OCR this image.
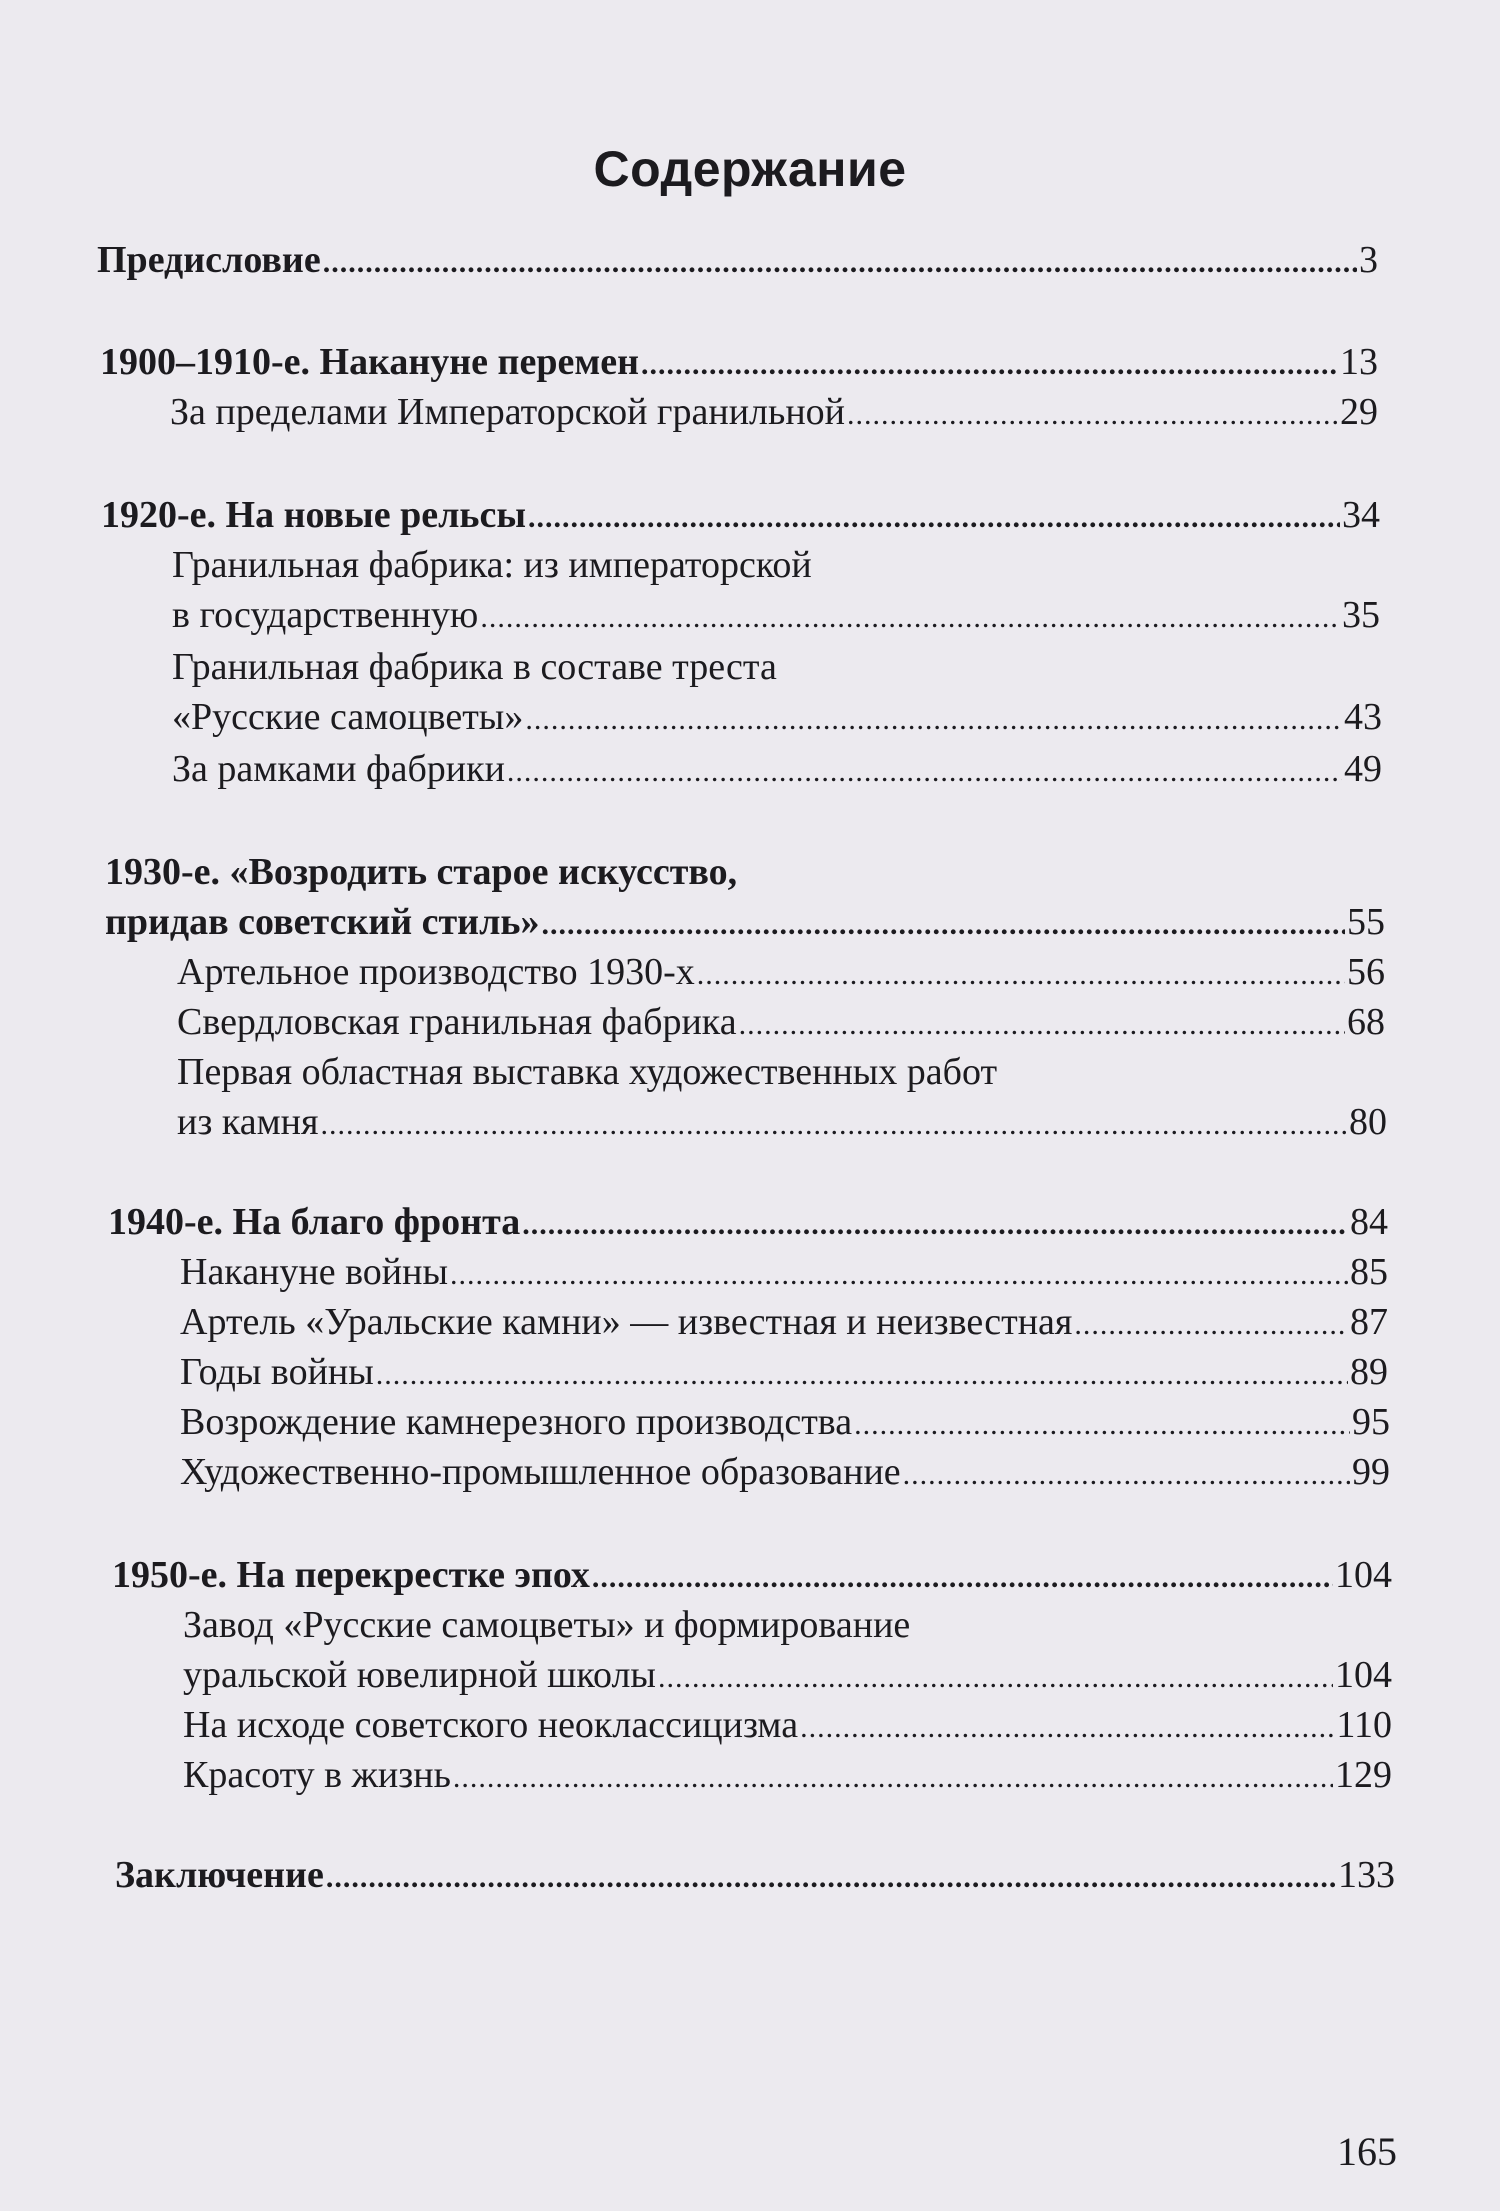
Содержание
Предисловие .....	3
1900–1910-е. Накануне перемен .....	13
За пределами Императорской гранильной .....	29
1920-е. На новые рельсы .....	34
Гранильная фабрика: из императорской
в государственную .....	35
Гранильная фабрика в составе треста
«Русские самоцветы» .....	43
За рамками фабрики .....	49
1930-е. «Возродить старое искусство,
придав советский стиль» .....	55
Артельное производство 1930-х .....	56
Свердловская гранильная фабрика .....	68
Первая областная выставка художественных работ
из камня .....	80
1940-е. На благо фронта .....	84
Накануне войны .....	85
Артель «Уральские камни» — известная и неизвестная .....	87
Годы войны .....	89
Возрождение камнерезного производства .....	95
Художественно-промышленное образование .....	99
1950-е. На перекрестке эпох .....	104
Завод «Русские самоцветы» и формирование
уральской ювелирной школы .....	104
На исходе советского неоклассицизма .....	110
Красоту в жизнь .....	129
Заключение .....	133
165
